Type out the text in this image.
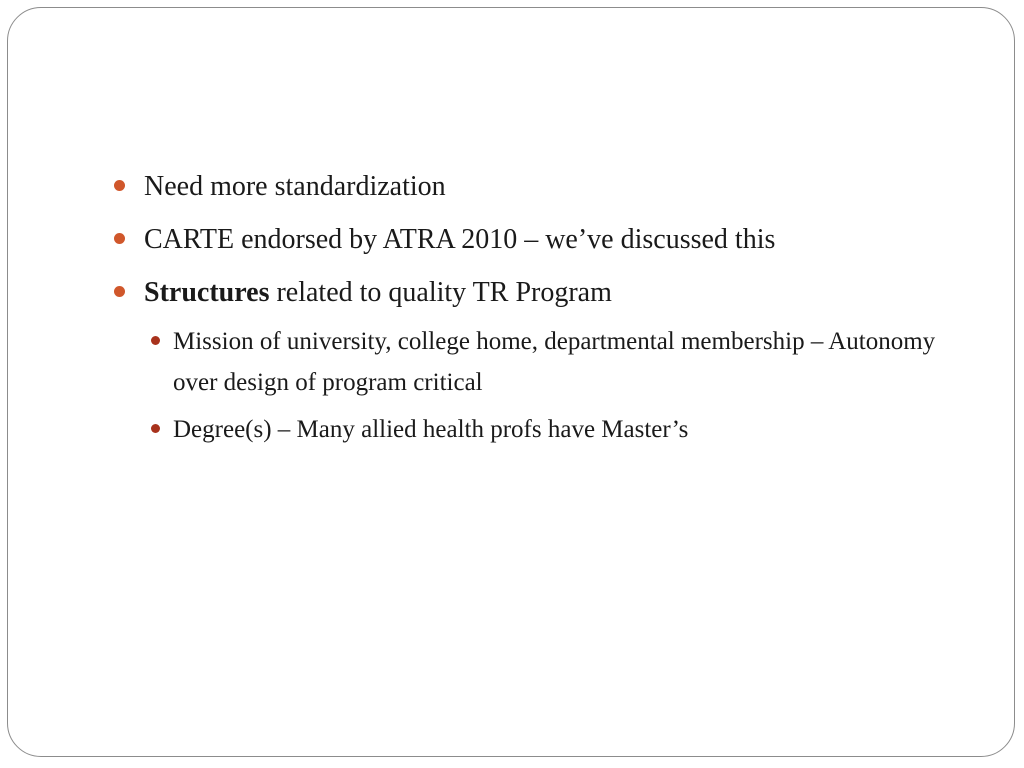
Need more standardization
CARTE endorsed by ATRA 2010 – we’ve discussed this
Structures related to quality TR Program
Mission of university, college home, departmental membership – Autonomy over design of program critical
Degree(s) – Many allied health profs have Master’s
